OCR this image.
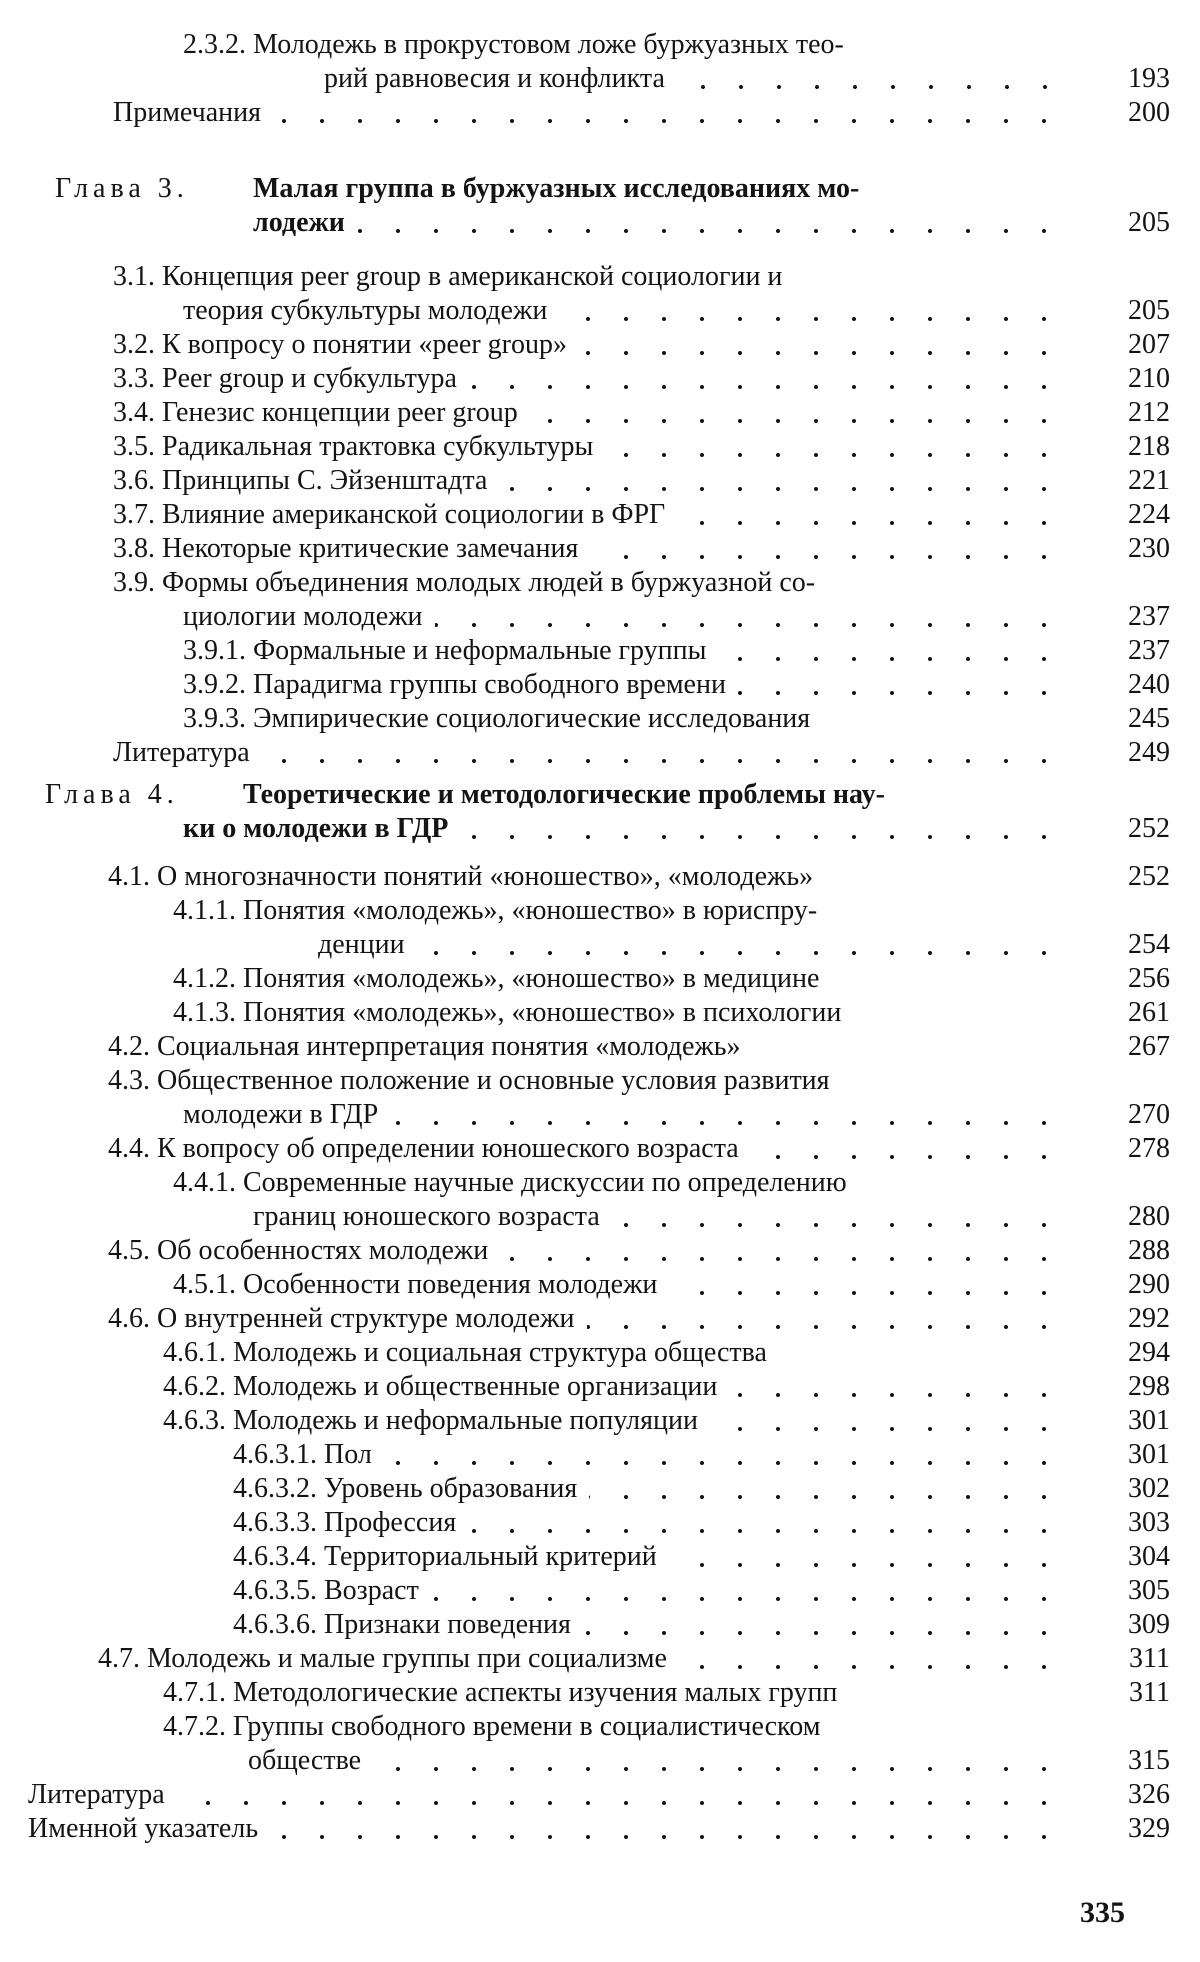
2.3.2. Молодежь в прокрустовом ложе буржуазных тео-
рий равновесия и конфликта	193
Примечания	200
Глава 3. Малая группа в буржуазных исследованиях мо-
лодежи	205
3.1. Концепция peer group в американской социологии и
теория субкультуры молодежи	205
3.2. К вопросу о понятии «peer group»	207
3.3. Peer group и субкультура	210
3.4. Генезис концепции peer group	212
3.5. Радикальная трактовка субкультуры	218
3.6. Принципы С. Эйзенштадта	221
3.7. Влияние американской социологии в ФРГ	224
3.8. Некоторые критические замечания	230
3.9. Формы объединения молодых людей в буржуазной со-
циологии молодежи	237
3.9.1. Формальные и неформальные группы	237
3.9.2. Парадигма группы свободного времени	240
3.9.3. Эмпирические социологические исследования	245
Литература	249
Глава 4. Теоретические и методологические проблемы нау-
ки о молодежи в ГДР	252
4.1. О многозначности понятий «юношество», «молодежь»	252
4.1.1. Понятия «молодежь», «юношество» в юриспру-
денции	254
4.1.2. Понятия «молодежь», «юношество» в медицине	256
4.1.3. Понятия «молодежь», «юношество» в психологии	261
4.2. Социальная интерпретация понятия «молодежь»	267
4.3. Общественное положение и основные условия развития
молодежи в ГДР	270
4.4. К вопросу об определении юношеского возраста	278
4.4.1. Современные научные дискуссии по определению
границ юношеского возраста	280
4.5. Об особенностях молодежи	288
4.5.1. Особенности поведения молодежи	290
4.6. О внутренней структуре молодежи	292
4.6.1. Молодежь и социальная структура общества	294
4.6.2. Молодежь и общественные организации	298
4.6.3. Молодежь и неформальные популяции	301
4.6.3.1. Пол	301
4.6.3.2. Уровень образования	302
4.6.3.3. Профессия	303
4.6.3.4. Территориальный критерий	304
4.6.3.5. Возраст	305
4.6.3.6. Признаки поведения	309
4.7. Молодежь и малые группы при социализме	311
4.7.1. Методологические аспекты изучения малых групп	311
4.7.2. Группы свободного времени в социалистическом
обществе	315
Литература	326
Именной указатель	329
335
